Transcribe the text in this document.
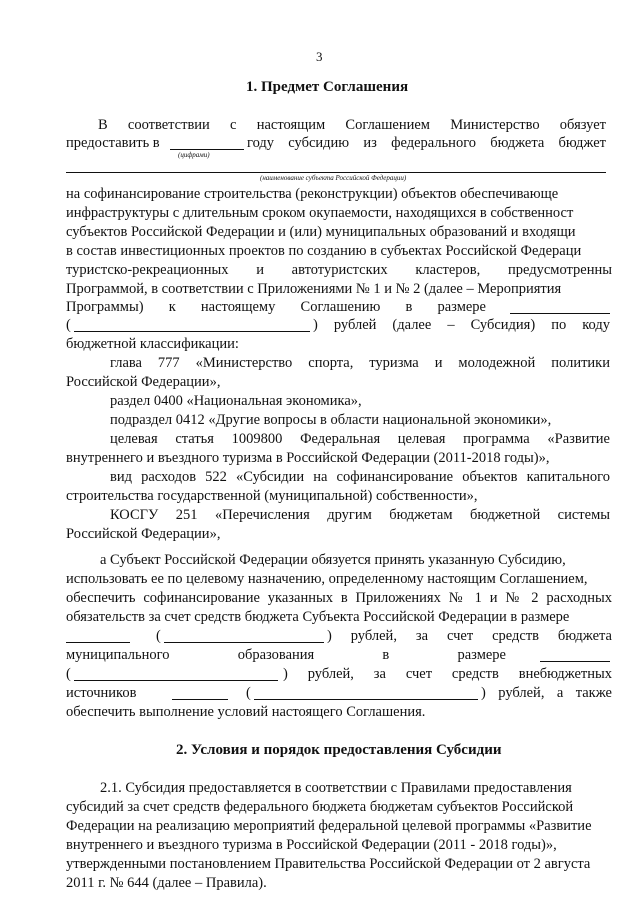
3
1. Предмет Соглашения
В соответствии с настоящим Соглашением Министерство обязует
предоставить в
(цифрами)
году субсидию из федерального бюджета бюджет
(наименование субъекта Российской Федерации)
на софинансирование строительства (реконструкции) объектов обеспечивающе
инфраструктуры с длительным сроком окупаемости, находящихся в собственност
субъектов Российской Федерации и (или) муниципальных образований и входящи
в состав инвестиционных проектов по созданию в субъектах Российской Федераци
туристско-рекреационных и автотуристских кластеров, предусмотренны
Программой, в соответствии с Приложениями № 1 и № 2 (далее – Мероприятия
Программы) к настоящему Соглашению в размере
(	) рублей (далее – Субсидия) по коду
бюджетной классификации:
глава 777 «Министерство спорта, туризма и молодежной политики
Российской Федерации»,
раздел 0400 «Национальная экономика»,
подраздел 0412 «Другие вопросы в области национальной экономики»,
целевая статья 1009800 Федеральная целевая программа «Развитие
внутреннего и въездного туризма в Российской Федерации (2011-2018 годы)»,
вид расходов 522 «Субсидии на софинансирование объектов капитального
строительства государственной (муниципальной) собственности»,
КОСГУ 251 «Перечисления другим бюджетам бюджетной системы
Российской Федерации»,
а Субъект Российской Федерации обязуется принять указанную Субсидию,
использовать ее по целевому назначению, определенному настоящим Соглашением,
обеспечить софинансирование указанных в Приложениях № 1 и № 2 расходных
обязательств за счет средств бюджета Субъекта Российской Федерации в размере
(	) рублей, за счет средств бюджета
муниципального образования в размере
(	) рублей, за счет средств внебюджетных
источников	(	) рублей, а также
обеспечить выполнение условий настоящего Соглашения.
2. Условия и порядок предоставления Субсидии
2.1. Субсидия предоставляется в соответствии с Правилами предоставления
субсидий за счет средств федерального бюджета бюджетам субъектов Российской
Федерации на реализацию мероприятий федеральной целевой программы «Развитие
внутреннего и въездного туризма в Российской Федерации (2011 - 2018 годы)»,
утвержденными постановлением Правительства Российской Федерации от 2 августа
2011 г. № 644 (далее – Правила).
